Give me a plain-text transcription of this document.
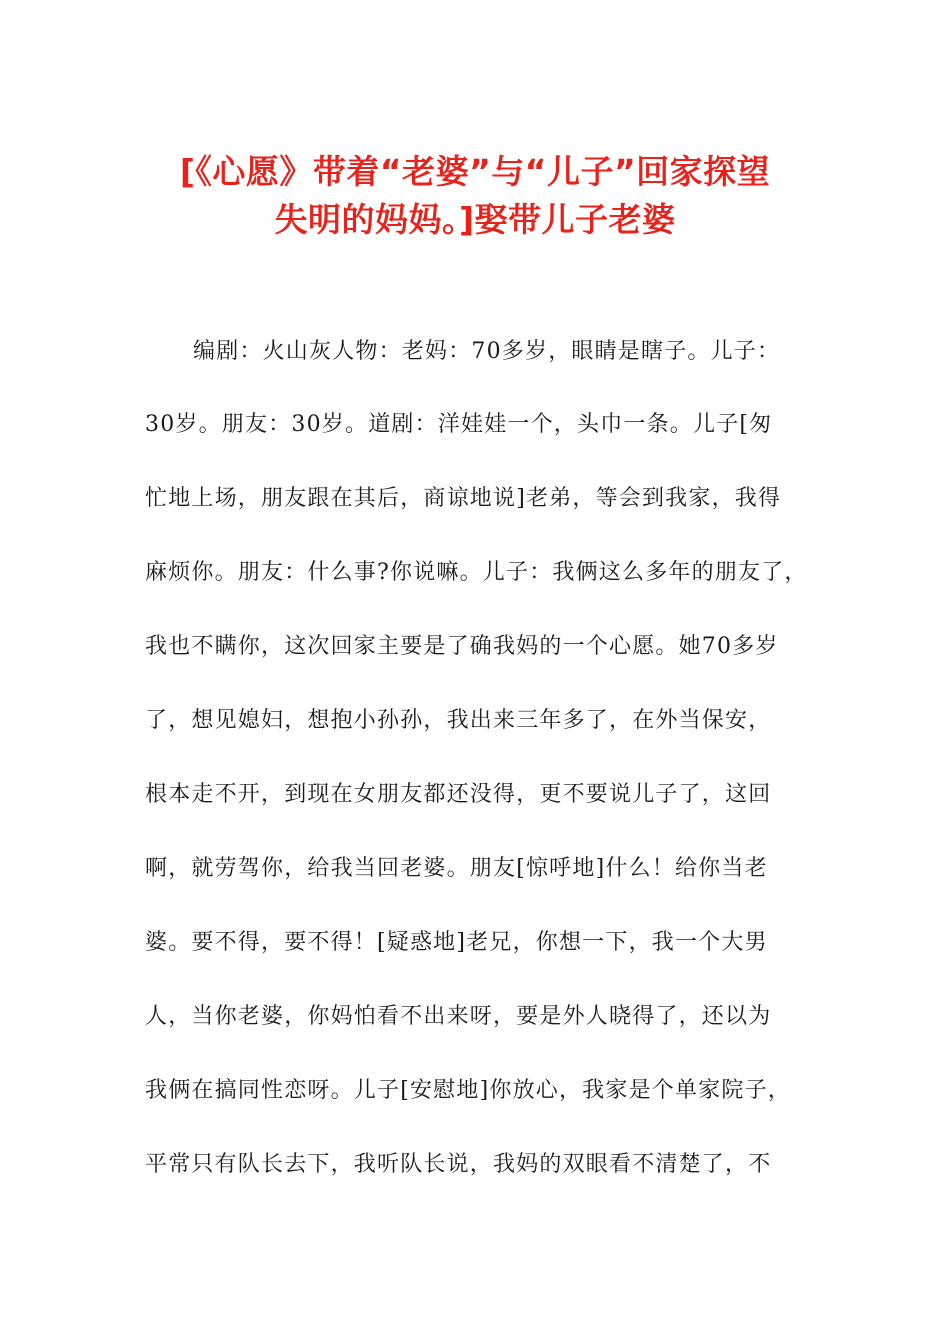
[《心愿》带着“老婆”与“儿子”回家探望
失明的妈妈。]娶带儿子老婆
编剧：火山灰人物：老妈：70多岁，眼睛是瞎子。儿子：
30岁。朋友：30岁。道剧：洋娃娃一个，头巾一条。儿子[匆
忙地上场，朋友跟在其后，商谅地说]老弟，等会到我家，我得
麻烦你。朋友：什么事?你说嘛。儿子：我俩这么多年的朋友了，
我也不瞒你，这次回家主要是了确我妈的一个心愿。她70多岁
了，想见媳妇，想抱小孙孙，我出来三年多了，在外当保安，
根本走不开，到现在女朋友都还没得，更不要说儿子了，这回
啊，就劳驾你，给我当回老婆。朋友[惊呼地]什么！给你当老
婆。要不得，要不得！[疑惑地]老兄，你想一下，我一个大男
人，当你老婆，你妈怕看不出来呀，要是外人晓得了，还以为
我俩在搞同性恋呀。儿子[安慰地]你放心，我家是个单家院子，
平常只有队长去下，我听队长说，我妈的双眼看不清楚了，不
